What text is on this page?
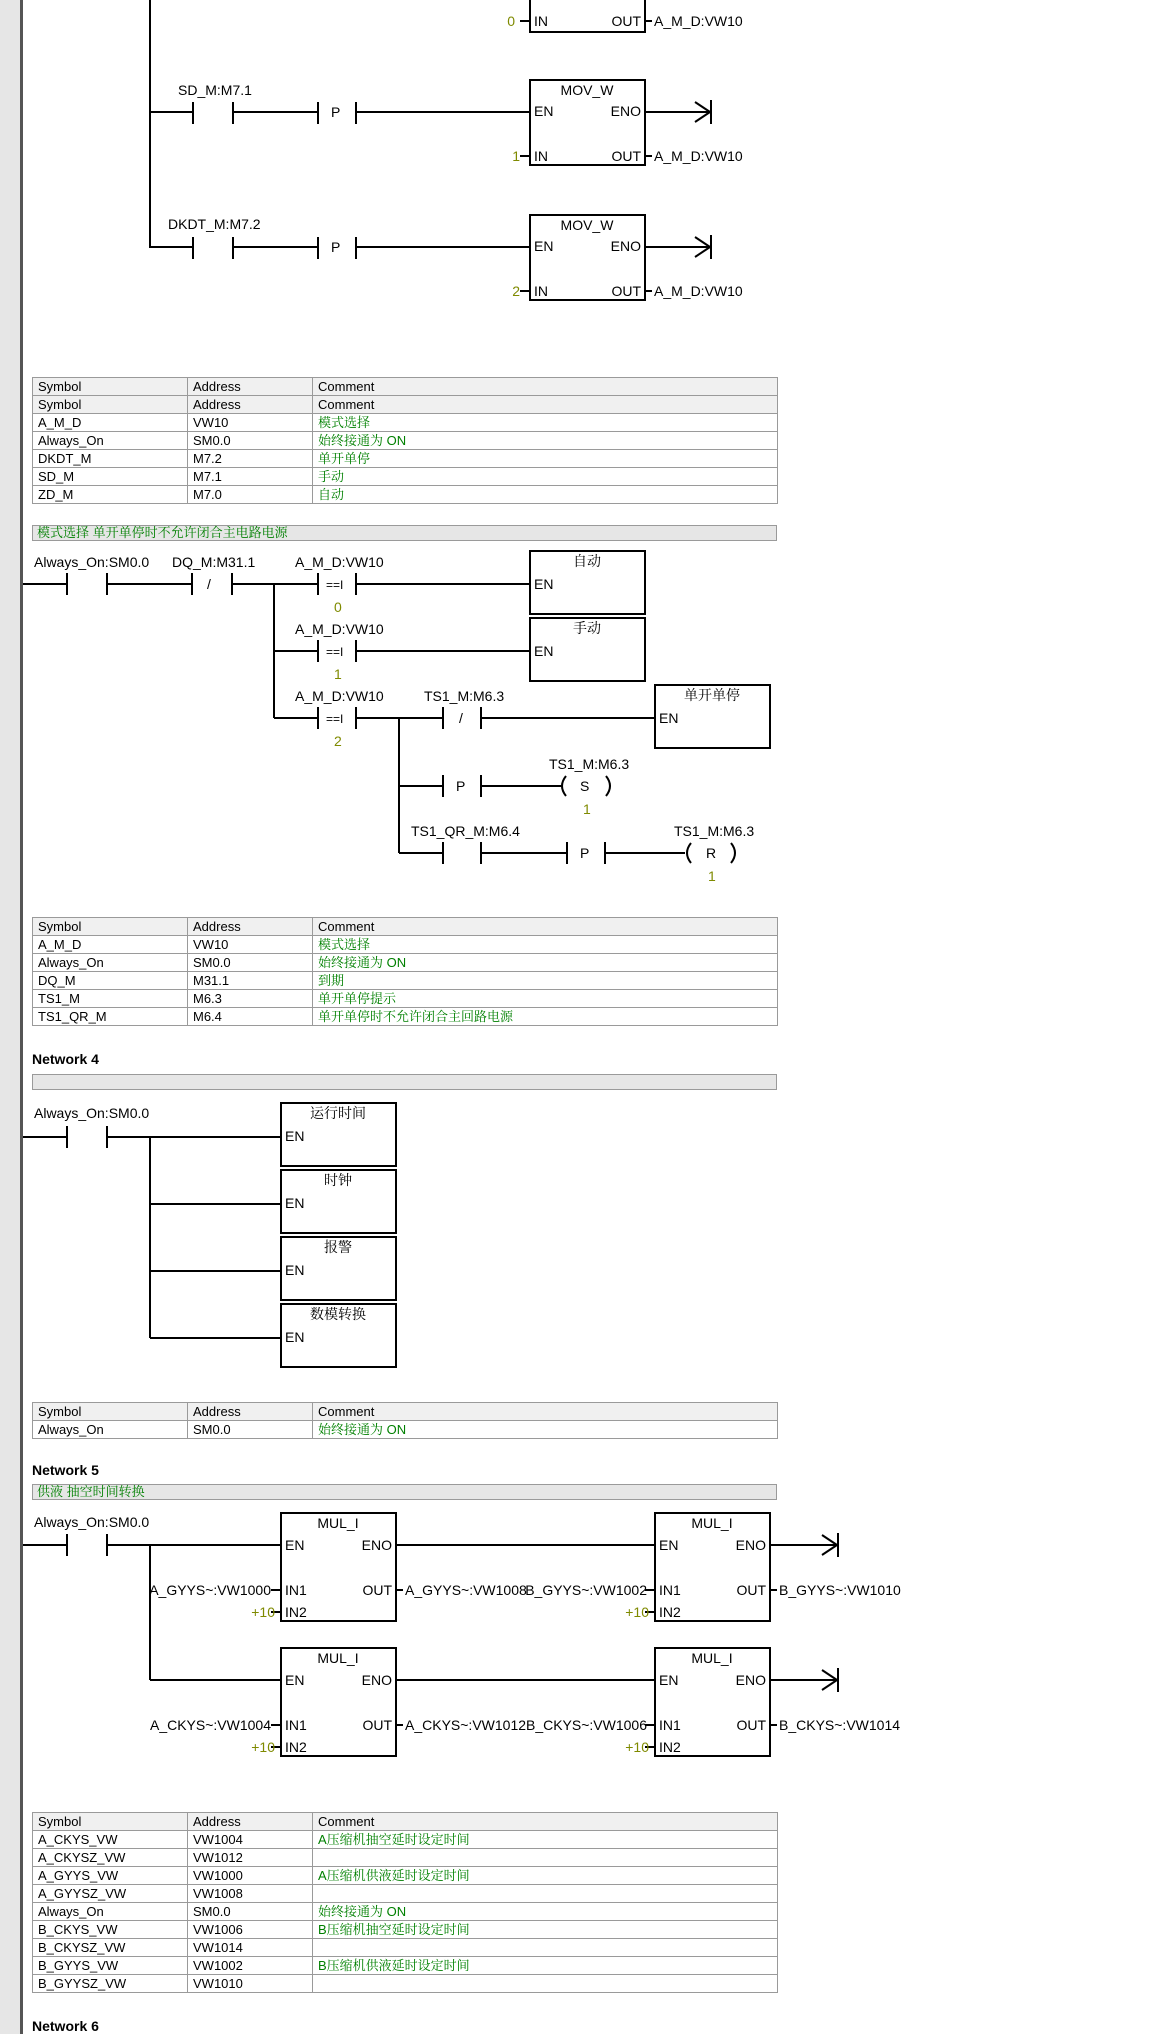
0 IN	OUT A_M_D:VW10
SD_M:M7.1
P
MOV_W
EN	ENO
1 IN	OUT A_M_D:VW10
DKDT_M:M7.2
P
MOV_W
EN	ENO
2 IN	OUT A_M_D:VW10
Always_On:SM0.0 DQ_M:M31.1
/
A_M_D:VW10
==I
0
自动
EN
A_M_D:VW10
==I
1
手动
EN
A_M_D:VW10
==I
2
TS1_M:M6.3
/
单开单停
EN
P
TS1_M:M6.3
S
1
TS1_QR_M:M6.4
P
TS1_M:M6.3
R
1
Always_On:SM0.0	运行时间
EN
时钟
EN
报警
EN
数模转换
EN
Always_On:SM0.0	MUL_I
EN	ENO
IN1
IN2
OUT
A_GYYS~:VW1000
+10
A_GYYS~:VW1008
MUL_I
EN	ENO
IN1
IN2
OUT
B_GYYS~:VW1002
+10
B_GYYS~:VW1010
MUL_I
EN	ENO
IN1
IN2
OUT
A_CKYS~:VW1004
+10
A_CKYS~:VW1012
MUL_I
EN	ENO
IN1
IN2
OUT
B_CKYS~:VW1006
+10
B_CKYS~:VW1014
Symbol	Address	Comment
Symbol	Address	Comment
A_M_D	VW10	模式选择
Always_On	SM0.0	始终接通为 ON
DKDT_M	M7.2	单开单停
SD_M	M7.1	手动
ZD_M	M7.0	自动
模式选择 单开单停时不允许闭合主电路电源
Symbol	Address	Comment
A_M_D	VW10	模式选择
Always_On	SM0.0	始终接通为 ON
DQ_M	M31.1	到期
TS1_M	M6.3	单开单停提示
TS1_QR_M	M6.4	单开单停时不允许闭合主回路电源
Network 4
Symbol	Address	Comment
Always_On	SM0.0	始终接通为 ON
Network 5
供液 抽空时间转换
Symbol	Address	Comment
A_CKYS_VW	VW1004	A压缩机抽空延时设定时间
A_CKYSZ_VW	VW1012	
A_GYYS_VW	VW1000	A压缩机供液延时设定时间
A_GYYSZ_VW	VW1008	
Always_On	SM0.0	始终接通为 ON
B_CKYS_VW	VW1006	B压缩机抽空延时设定时间
B_CKYSZ_VW	VW1014	
B_GYYS_VW	VW1002	B压缩机供液延时设定时间
B_GYYSZ_VW	VW1010	
Network 6
